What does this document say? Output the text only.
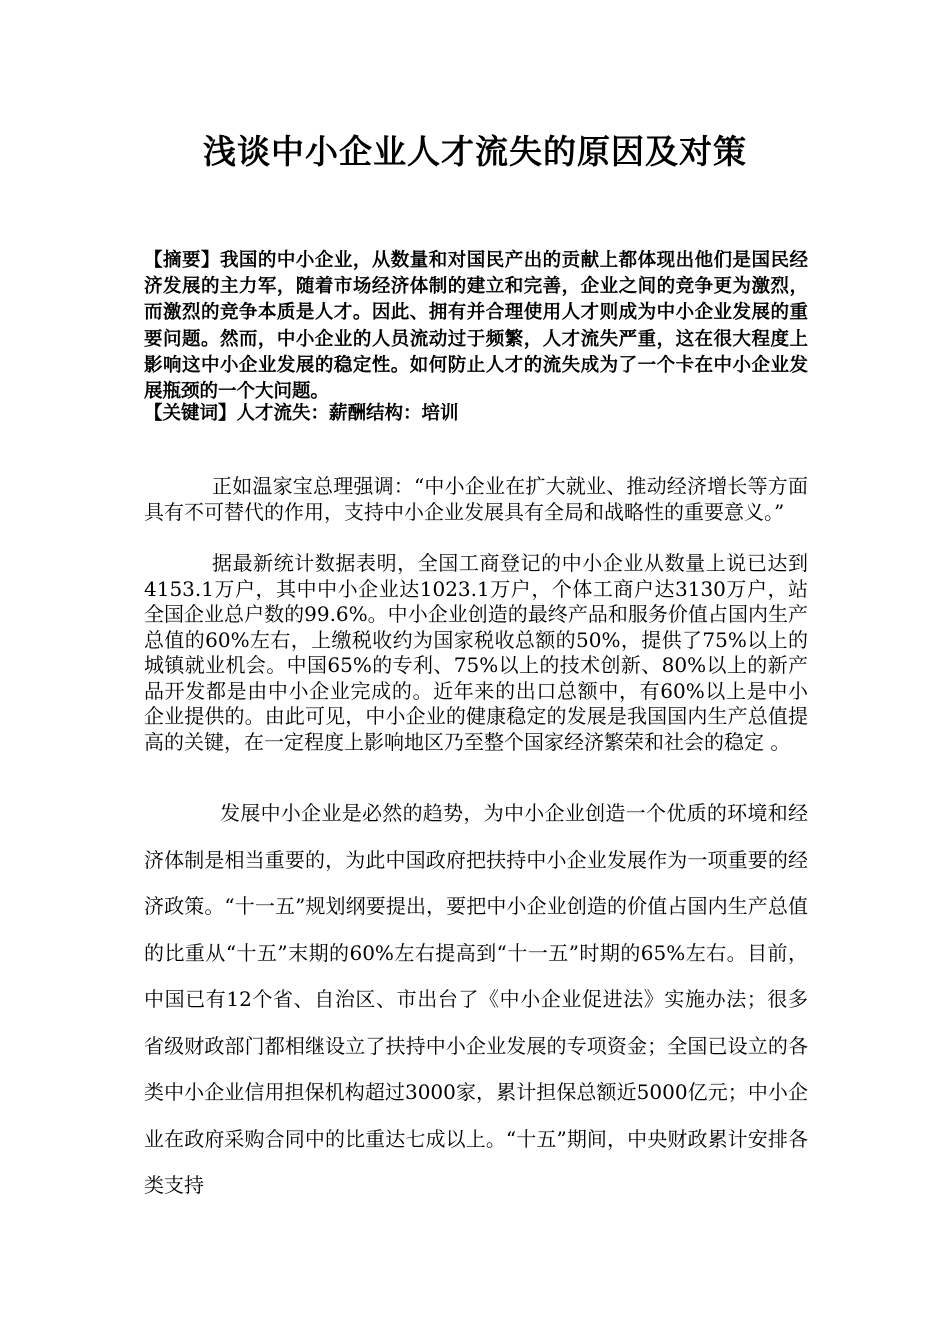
浅谈中小企业人才流失的原因及对策

【摘要】我国的中小企业，从数量和对国民产出的贡献上都体现出他们是国民经济发展的主力军，随着市场经济体制的建立和完善，企业之间的竞争更为激烈，而激烈的竞争本质是人才。因此、拥有并合理使用人才则成为中小企业发展的重要问题。然而，中小企业的人员流动过于频繁，人才流失严重，这在很大程度上影响这中小企业发展的稳定性。如何防止人才的流失成为了一个卡在中小企业发展瓶颈的一个大问题。

【关键词】人才流失：薪酬结构：培训

正如温家宝总理强调：“中小企业在扩大就业、推动经济增长等方面具有不可替代的作用，支持中小企业发展具有全局和战略性的重要意义。”

据最新统计数据表明，全国工商登记的中小企业从数量上说已达到4153.1万户，其中中小企业达1023.1万户，个体工商户达3130万户，站全国企业总户数的99.6%。中小企业创造的最终产品和服务价值占国内生产总值的60%左右，上缴税收约为国家税收总额的50%，提供了75%以上的城镇就业机会。中国65%的专利、75%以上的技术创新、80%以上的新产品开发都是由中小企业完成的。近年来的出口总额中，有60%以上是中小企业提供的。由此可见，中小企业的健康稳定的发展是我国国内生产总值提高的关键，在一定程度上影响地区乃至整个国家经济繁荣和社会的稳定 。

发展中小企业是必然的趋势，为中小企业创造一个优质的环境和经济体制是相当重要的，为此中国政府把扶持中小企业发展作为一项重要的经济政策。“十一五”规划纲要提出，要把中小企业创造的价值占国内生产总值的比重从“十五”末期的60%左右提高到“十一五”时期的65%左右。目前，中国已有12个省、自治区、市出台了《中小企业促进法》实施办法；很多省级财政部门都相继设立了扶持中小企业发展的专项资金；全国已设立的各类中小企业信用担保机构超过3000家，累计担保总额近5000亿元；中小企业在政府采购合同中的比重达七成以上。“十五”期间，中央财政累计安排各类支持
